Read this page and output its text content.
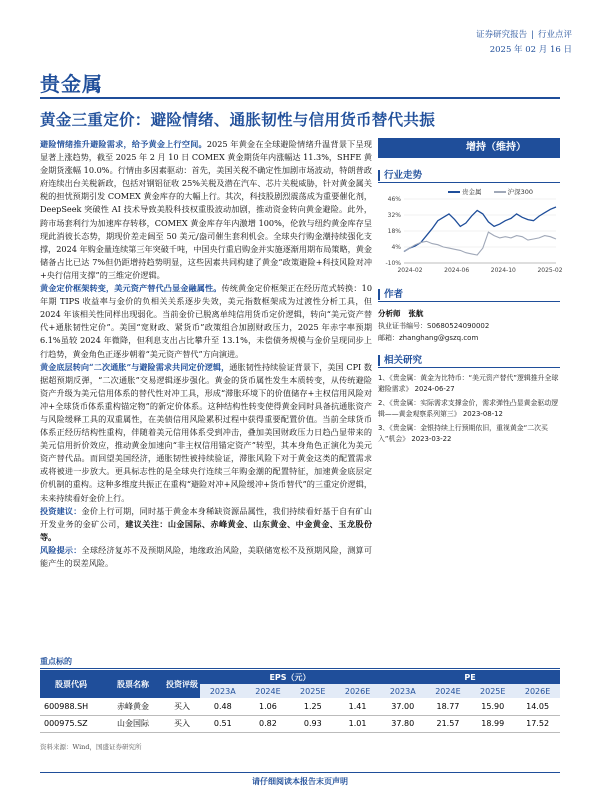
证券研究报告 | 行业点评
2025 年 02 月 16 日
贵金属
黄金三重定价：避险情绪、通胀韧性与信用货币替代共振

避险情绪推升避险需求，给予黄金上行空间。2025 年黄金在全球避险情绪升温背景下呈现显著上涨趋势，截至 2025 年 2 月 10 日 COMEX 黄金期货年内涨幅达 11.3%，SHFE 黄金期货涨幅 10.0%。行情由多因素驱动：首先，美国关税不确定性加剧市场波动，特朗普政府连续出台关税新政，包括对钢铝征收 25%关税及潜在汽车、芯片关税威胁，针对黄金属关税的担忧预期引发 COMEX 黄金库存的大幅上行。其次，科技股剧烈震荡成为重要催化剂，DeepSeek 突破性 AI 技术导致美股科技权重股波动加剧，推动资金转向黄金避险。此外，跨市场套利行为加速库存转移，COMEX 黄金库存年内激增 100%，伦敦与纽约黄金库存呈现此消彼长态势，期现价差走阔至 50 美元/盎司催生套利机会。全球央行购金潮持续强化支撑，2024 年购金量连续第三年突破千吨，中国央行重启购金并实施逐渐用期布局策略，黄金储备占比已达 7%但仍距增持趋势明显，这些因素共同构建了黄金“政策避险+科技风险对冲+央行信用支撑”的三维定价逻辑。

黄金定价框架转变，美元资产替代凸显金融属性。传统黄金定价框架正在经历范式转换：10 年期 TIPS 收益率与金价的负相关关系逐步失效，美元指数框架成为过渡性分析工具，但 2024 年该相关性同样出现弱化。当前金价已脱离单纯信用货币定价逻辑，转向“美元资产替代+通胀韧性定价”。美国“宽财政、紧货币”政策组合加剧财政压力，2025 年赤字率预期 6.1%虽较 2024 年微降，但利息支出占比攀升至 13.1%，未偿债务规模与金价呈现同步上行趋势，黄金角色正逐步朝着“美元资产替代”方向演进。

黄金底层转向“二次通胀”与避险需求共同定价逻辑，通胀韧性持续验证背景下，美国 CPI 数据超预期反弹，“二次通胀”交易逻辑逐步强化。黄金的货币属性发生本质转变，从传统避险资产升级为美元信用体系的替代性对冲工具，形成“滞胀环境下的价值储存+主权信用风险对冲+全球货币体系重构锚定物”的新定价体系。这种结构性转变使得黄金同时具备抗通胀资产与风险缓释工具的双重属性，在美债信用风险累积过程中获得重要配置价值。当前全球货币体系正经历结构性重构，伴随着美元信用体系受到冲击，叠加美国财政压力日趋凸显带来的美元信用折价效应，推动黄金加速向“非主权信用锚定资产”转型，其本身角色正演化为美元资产替代品。而回望美国经济，通胀韧性被持续验证，滞胀风险下对于黄金这类的配置需求或将被进一步放大。更具标志性的是全球央行连续三年购金潮的配置特征，加速黄金底层定价机制的重构。这种多维度共振正在重构“避险对冲+风险缓冲+货币替代”的三重定价逻辑，未来持续看好金价上行。

投资建议：金价上行可期，同时基于黄金本身稀缺资源品属性，我们持续看好基于自有矿山开发业务的金矿公司，建议关注：山金国际、赤峰黄金、山东黄金、中金黄金、玉龙股份等。

风险提示：全球经济复苏不及预期风险，地缘政治风险，美联储宽松不及预期风险，测算可能产生的误差风险。

增持（维持）
行业走势
贵金属	沪深300
-10%
4%
18%
32%
46%
2024-02	2024-06	2024-10	2025-02
作者
分析师 张航
执业证书编号：S0680524090002
邮箱：zhanghang@gszq.com
相关研究
1、《贵金属：黄金为比特币：“美元资产替代”逻辑推升全球避险需求》 2024-06-27
2、《贵金属：实际需求支撑金价，需求弹性凸显黄金驱动逻辑——黄金观察系列第三》 2023-08-12
3、《贵金属：金银持续上行预期依旧，重视黄金“二次买入”机会》 2023-03-22
重点标的
股票代码	股票名称	投资评级	EPS（元）				PE			
			2023A	2024E	2025E	2026E	2023A	2024E	2025E	2026E
600988.SH	赤峰黄金	买入	0.48	1.06	1.25	1.41	37.00	18.77	15.90	14.05
000975.SZ	山金国际	买入	0.51	0.82	0.93	1.01	37.80	21.57	18.99	17.52
资料来源：Wind，国盛证券研究所
请仔细阅读本报告末页声明
